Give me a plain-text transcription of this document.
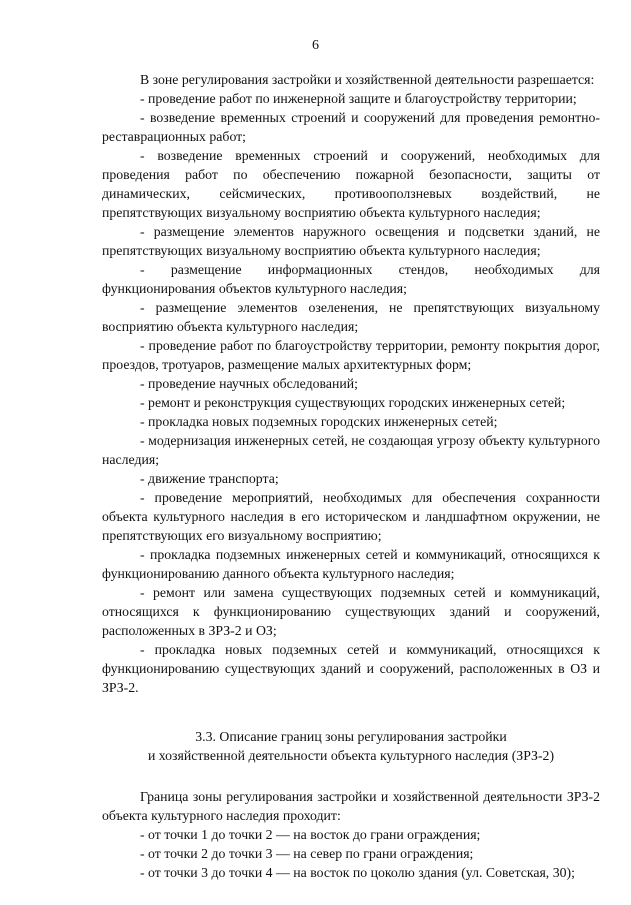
6

В зоне регулирования застройки и хозяйственной деятельности разрешается:

- проведение работ по инженерной защите и благоустройству территории;

- возведение временных строений и сооружений для проведения ремонтно-реставрационных работ;

- возведение временных строений и сооружений, необходимых для проведения работ по обеспечению пожарной безопасности, защиты от динамических, сейсмических, противооползневых воздействий, не препятствующих визуальному восприятию объекта культурного наследия;

- размещение элементов наружного освещения и подсветки зданий, не препятствующих визуальному восприятию объекта культурного наследия;

- размещение информационных стендов, необходимых для функционирования объектов культурного наследия;

- размещение элементов озеленения, не препятствующих визуальному восприятию объекта культурного наследия;

- проведение работ по благоустройству территории, ремонту покрытия дорог, проездов, тротуаров, размещение малых архитектурных форм;

- проведение научных обследований;

- ремонт и реконструкция существующих городских инженерных сетей;

- прокладка новых подземных городских инженерных сетей;

- модернизация инженерных сетей, не создающая угрозу объекту культурного наследия;

- движение транспорта;

- проведение мероприятий, необходимых для обеспечения сохранности объекта культурного наследия в его историческом и ландшафтном окружении, не препятствующих его визуальному восприятию;

- прокладка подземных инженерных сетей и коммуникаций, относящихся к функционированию данного объекта культурного наследия;

- ремонт или замена существующих подземных сетей и коммуникаций, относящихся к функционированию существующих зданий и сооружений, расположенных в ЗРЗ-2 и ОЗ;

- прокладка новых подземных сетей и коммуникаций, относящихся к функционированию существующих зданий и сооружений, расположенных в ОЗ и ЗРЗ-2.

3.3. Описание границ зоны регулирования застройки
и хозяйственной деятельности объекта культурного наследия (ЗРЗ-2)

Граница зоны регулирования застройки и хозяйственной деятельности ЗРЗ-2 объекта культурного наследия проходит:

- от точки 1 до точки 2 — на восток до грани ограждения;

- от точки 2 до точки 3 — на север по грани ограждения;

- от точки 3 до точки 4 — на восток по цоколю здания (ул. Советская, 30);
